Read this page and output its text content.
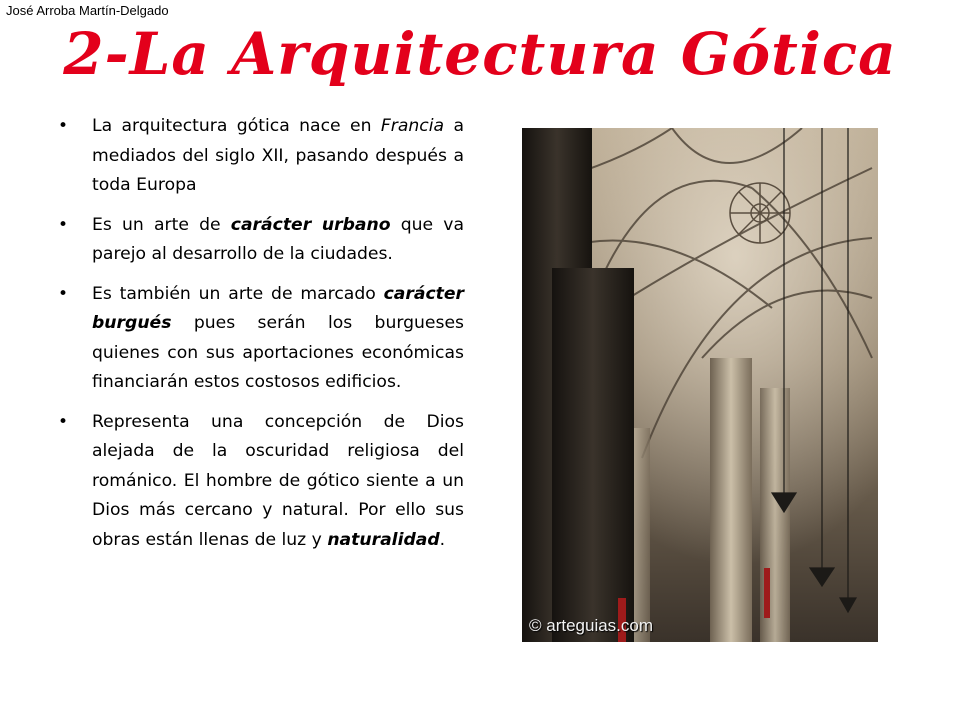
José Arroba Martín-Delgado
2-La Arquitectura Gótica
• La arquitectura gótica nace en Francia a mediados del siglo XII, pasando después a toda Europa
• Es un arte de carácter urbano que va parejo al desarrollo de la ciudades.
• Es también un arte de marcado carácter burgués pues serán los burgueses quienes con sus aportaciones económicas financiarán estos costosos edificios.
• Representa una concepción de Dios alejada de la oscuridad religiosa del románico. El hombre de gótico siente a un Dios más cercano y natural. Por ello sus obras están llenas de luz y naturalidad.
© arteguias.com
